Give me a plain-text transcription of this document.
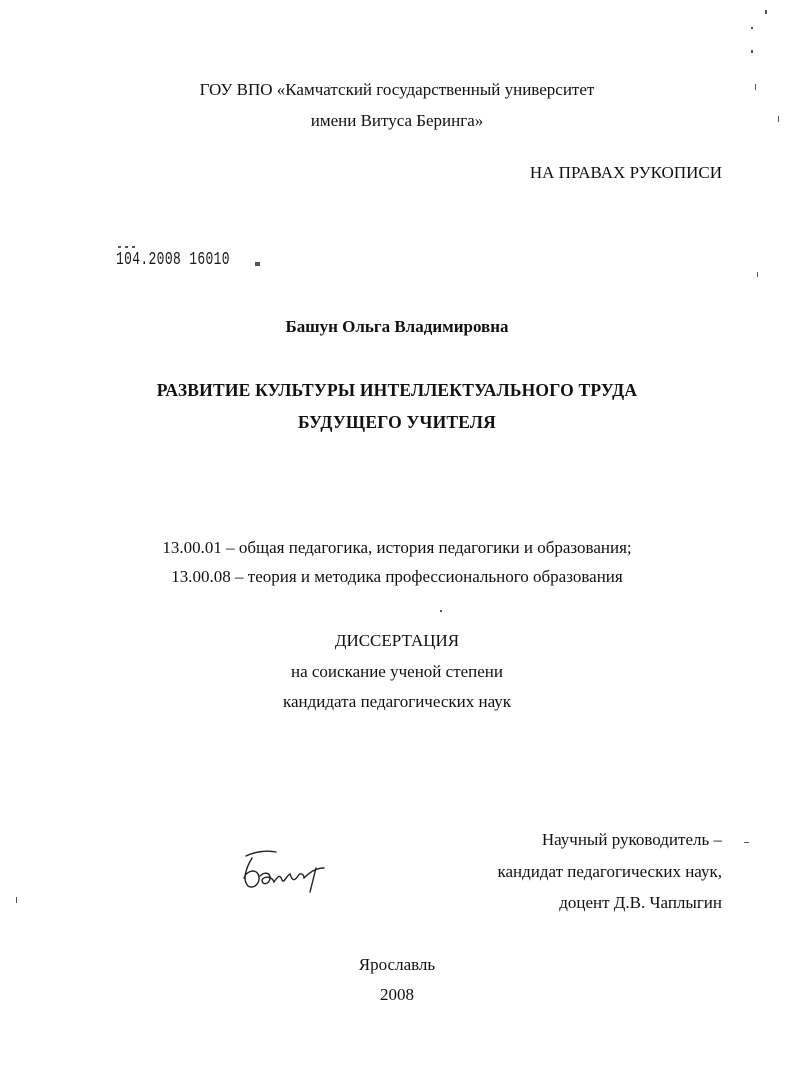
ГОУ ВПО «Камчатский государственный университет
имени Витуса Беринга»
НА ПРАВАХ РУКОПИСИ
104.2008 16010
Башун Ольга Владимировна
РАЗВИТИЕ КУЛЬТУРЫ ИНТЕЛЛЕКТУАЛЬНОГО ТРУДА
БУДУЩЕГО УЧИТЕЛЯ
13.00.01 – общая педагогика, история педагогики и образования;
13.00.08 – теория и методика профессионального образования
ДИССЕРТАЦИЯ
на соискание ученой степени
кандидата педагогических наук
Научный руководитель –
кандидат педагогических наук,
доцент Д.В. Чаплыгин
Ярославль
2008
